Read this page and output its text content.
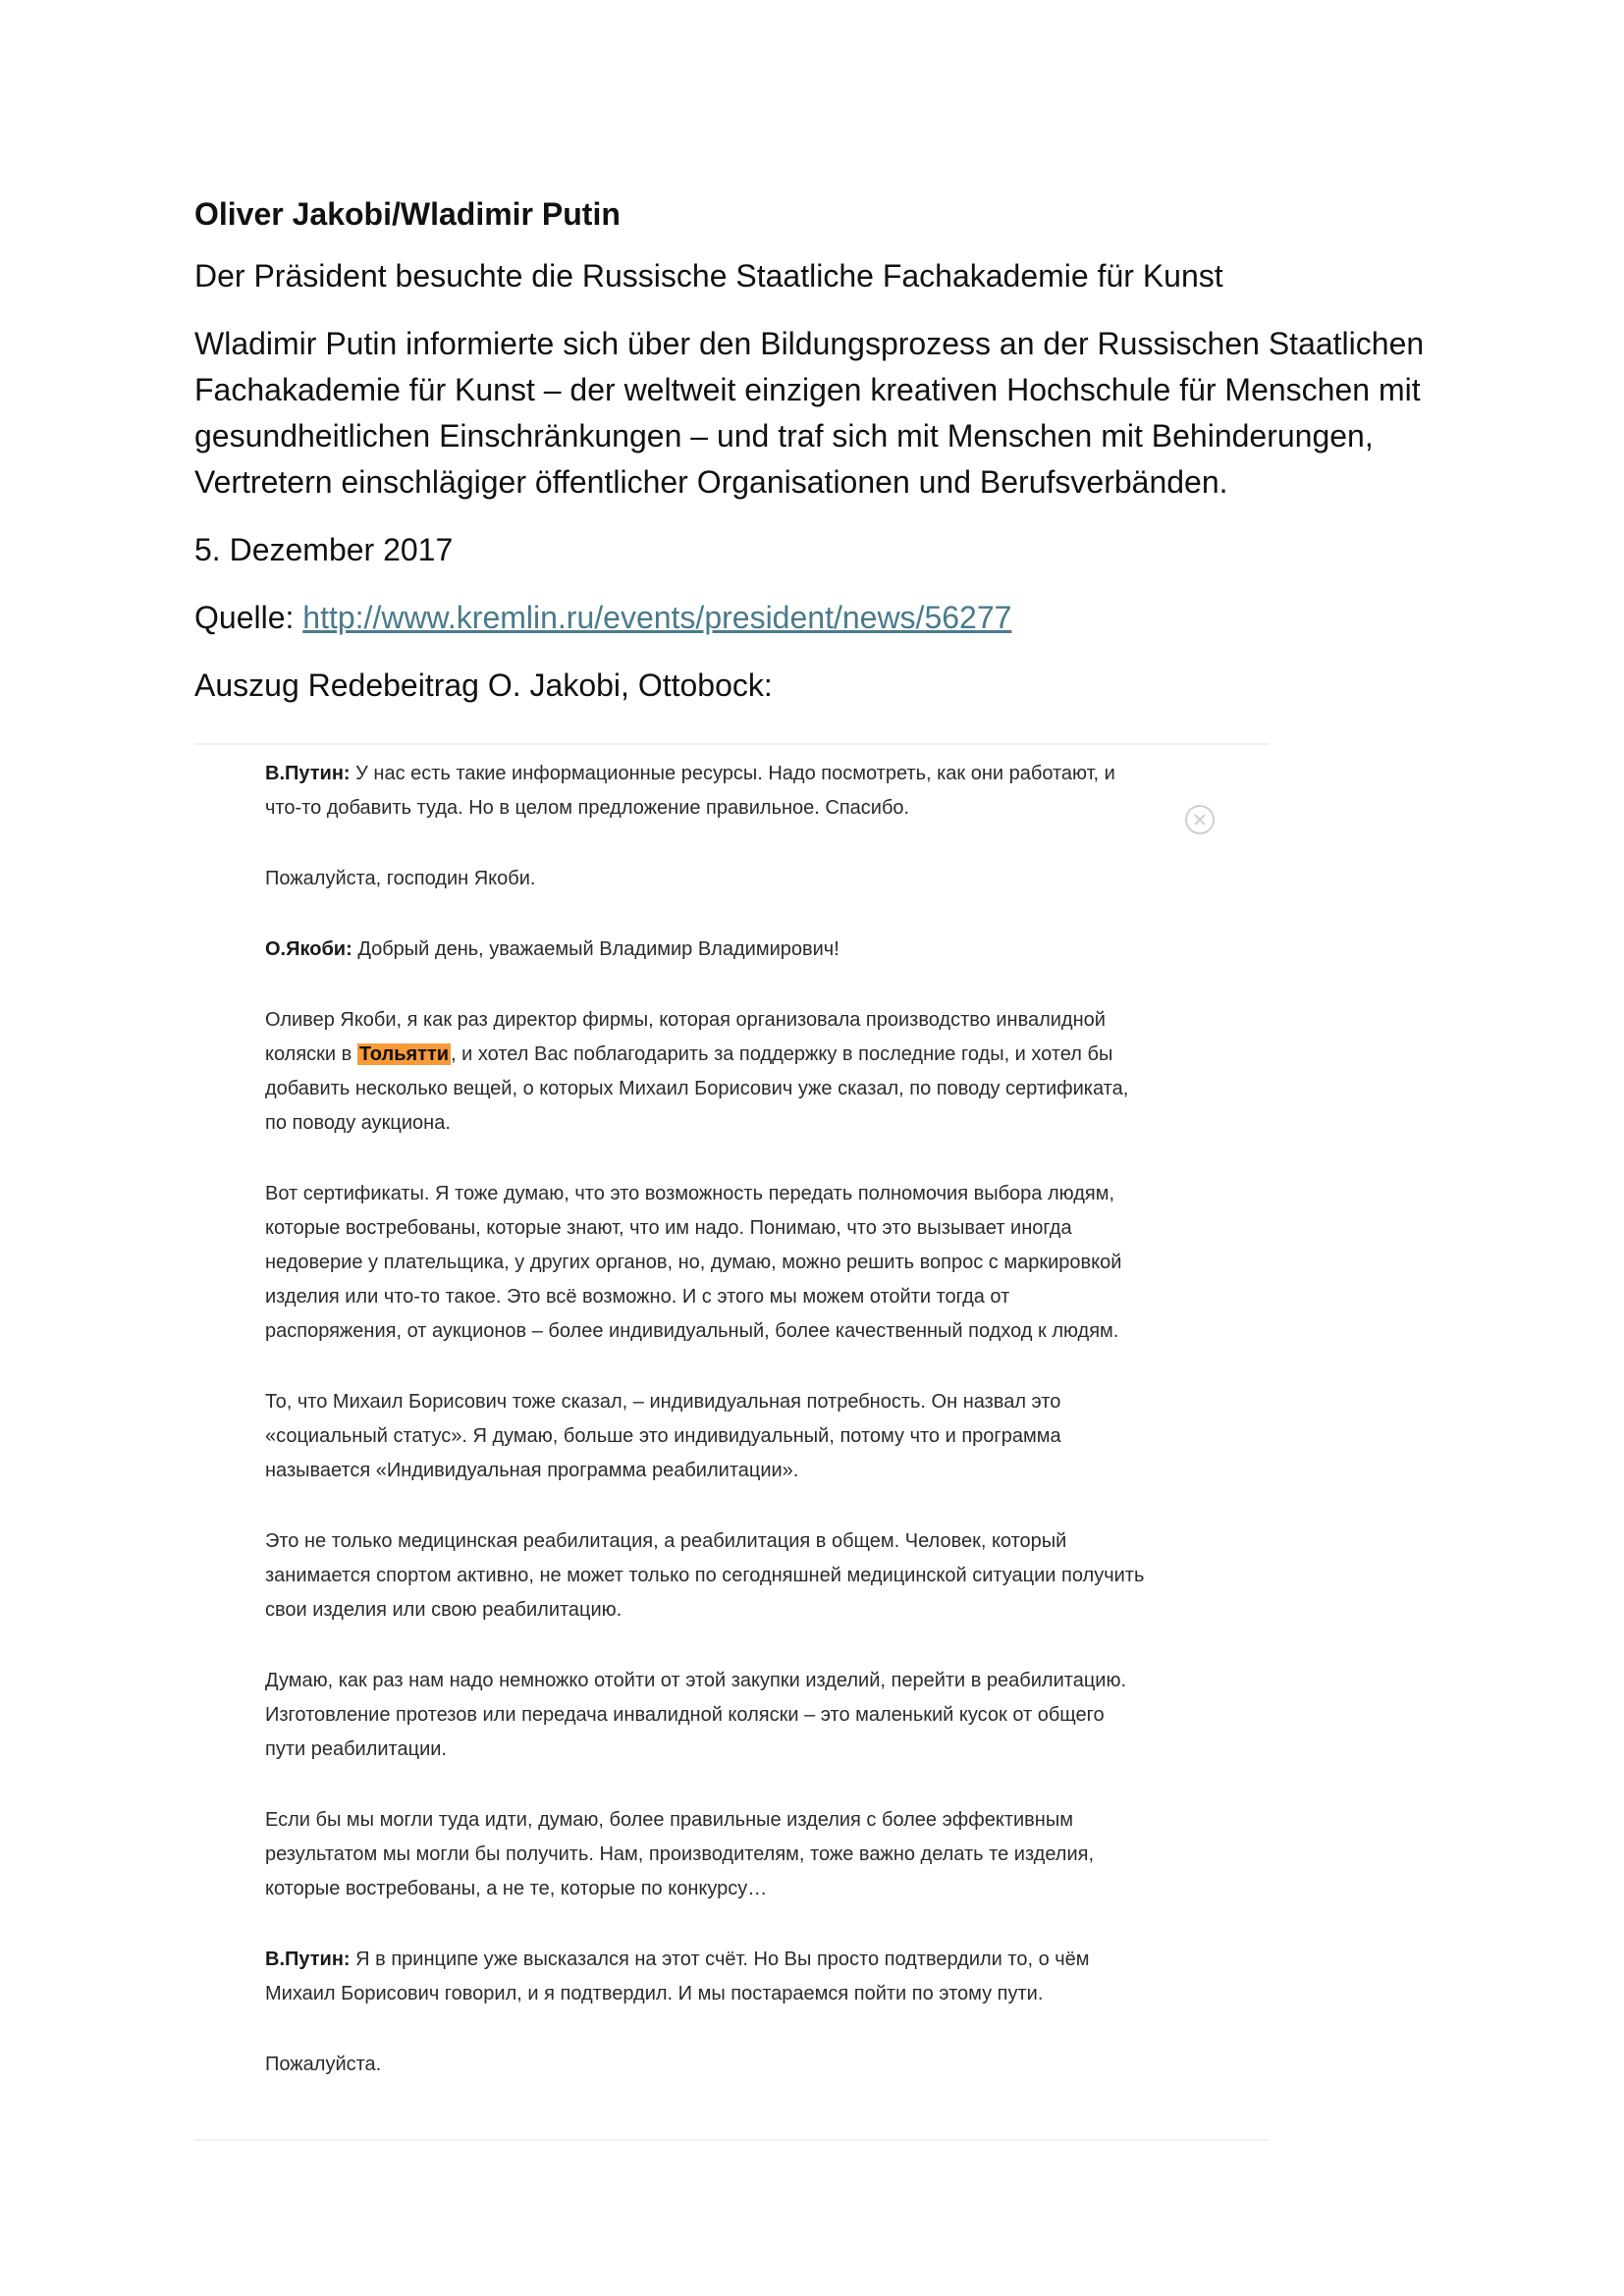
Oliver Jakobi/Wladimir Putin

Der Präsident besuchte die Russische Staatliche Fachakademie für Kunst

Wladimir Putin informierte sich über den Bildungsprozess an der Russischen Staatlichen Fachakademie für Kunst – der weltweit einzigen kreativen Hochschule für Menschen mit gesundheitlichen Einschränkungen – und traf sich mit Menschen mit Behinderungen, Vertretern einschlägiger öffentlicher Organisationen und Berufsverbänden.

5. Dezember 2017

Quelle: http://www.kremlin.ru/events/president/news/56277

Auszug Redebeitrag O. Jakobi, Ottobock:

В.Путин: У нас есть такие информационные ресурсы. Надо посмотреть, как они работают, и что-то добавить туда. Но в целом предложение правильное. Спасибо.

Пожалуйста, господин Якоби.

О.Якоби: Добрый день, уважаемый Владимир Владимирович!

Оливер Якоби, я как раз директор фирмы, которая организовала производство инвалидной коляски в Тольятти , и хотел Вас поблагодарить за поддержку в последние годы, и хотел бы добавить несколько вещей, о которых Михаил Борисович уже сказал, по поводу сертификата, по поводу аукциона.

Вот сертификаты. Я тоже думаю, что это возможность передать полномочия выбора людям, которые востребованы, которые знают, что им надо. Понимаю, что это вызывает иногда недоверие у плательщика, у других органов, но, думаю, можно решить вопрос с маркировкой изделия или что-то такое. Это всё возможно. И с этого мы можем отойти тогда от распоряжения, от аукционов – более индивидуальный, более качественный подход к людям.

То, что Михаил Борисович тоже сказал, – индивидуальная потребность. Он назвал это «социальный статус». Я думаю, больше это индивидуальный, потому что и программа называется «Индивидуальная программа реабилитации».

Это не только медицинская реабилитация, а реабилитация в общем. Человек, который занимается спортом активно, не может только по сегодняшней медицинской ситуации получить свои изделия или свою реабилитацию.

Думаю, как раз нам надо немножко отойти от этой закупки изделий, перейти в реабилитацию. Изготовление протезов или передача инвалидной коляски – это маленький кусок от общего пути реабилитации.

Если бы мы могли туда идти, думаю, более правильные изделия с более эффективным результатом мы могли бы получить. Нам, производителям, тоже важно делать те изделия, которые востребованы, а не те, которые по конкурсу…

В.Путин: Я в принципе уже высказался на этот счёт. Но Вы просто подтвердили то, о чём Михаил Борисович говорил, и я подтвердил. И мы постараемся пойти по этому пути.

Пожалуйста.
